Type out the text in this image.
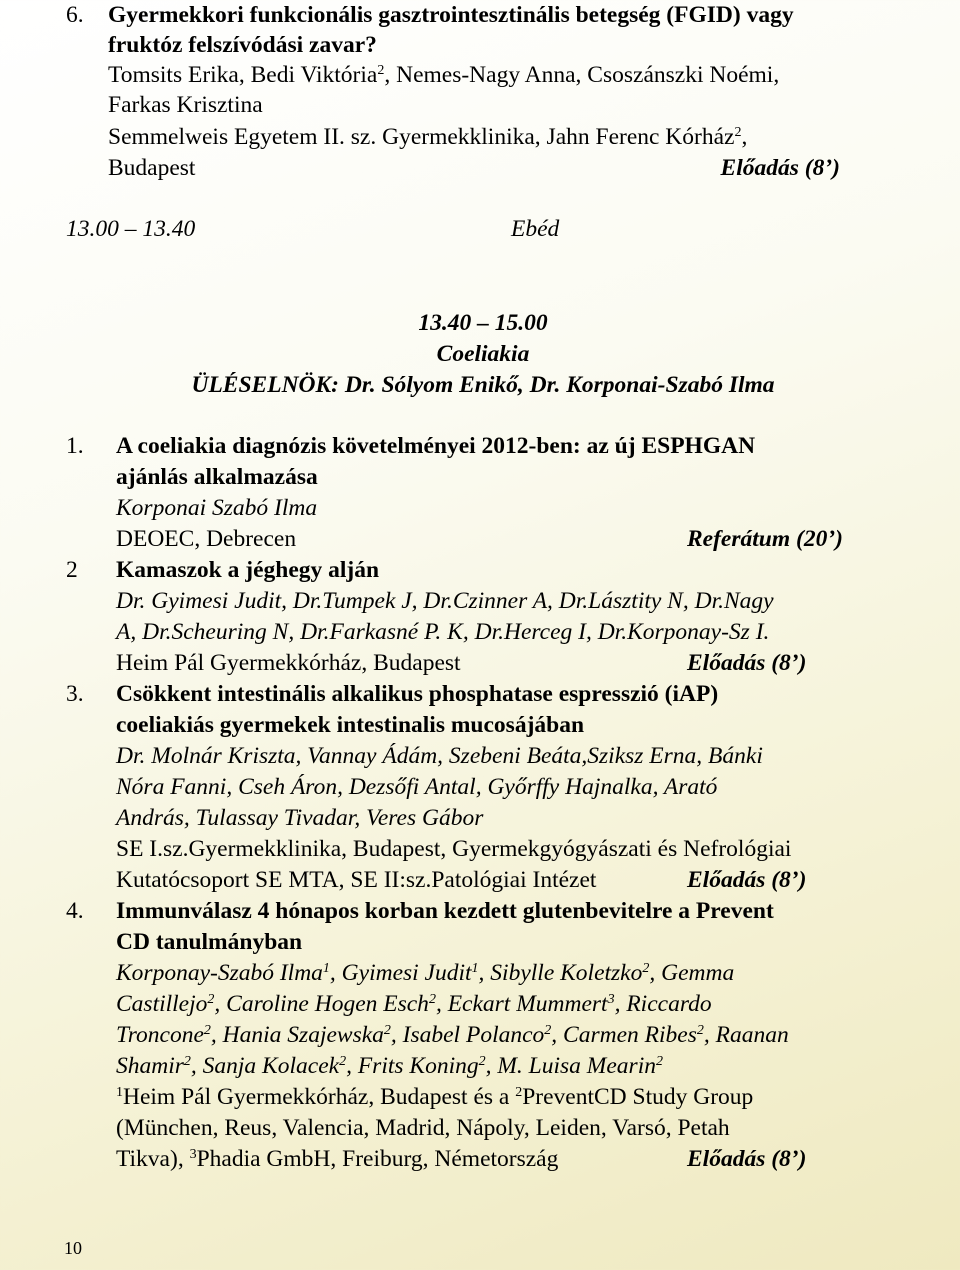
6. Gyermekkori funkcionális gasztrointesztinális betegség (FGID) vagy
fruktóz felszívódási zavar?
Tomsits Erika, Bedi Viktória$^2$, Nemes-Nagy Anna, Csoszánszki Noémi,
Farkas Krisztina
Semmelweis Egyetem II. sz. Gyermekklinika, Jahn Ferenc Kórház$^2$,
Budapest	Előadás (8’)
13.00 – 13.40	Ebéd
13.40 – 15.00
Coeliakia
ÜLÉSELNÖK: Dr. Sólyom Enikő, Dr. Korponai-Szabó Ilma
1. A coeliakia diagnózis követelményei 2012-ben: az új ESPHGAN
ajánlás alkalmazása
Korponai Szabó Ilma
DEOEC, Debrecen	Referátum (20’)
2 Kamaszok a jéghegy alján
Dr. Gyimesi Judit, Dr.Tumpek J, Dr.Czinner A, Dr.Lásztity N, Dr.Nagy
A, Dr.Scheuring N, Dr.Farkasné P. K, Dr.Herceg I, Dr.Korponay-Sz I.
Heim Pál Gyermekkórház, Budapest	Előadás (8’)
3. Csökkent intestinális alkalikus phosphatase espresszió (iAP)
coeliakiás gyermekek intestinalis mucosájában
Dr. Molnár Kriszta, Vannay Ádám, Szebeni Beáta,Sziksz Erna, Bánki
Nóra Fanni, Cseh Áron, Dezsőfi Antal, Győrffy Hajnalka, Arató
András, Tulassay Tivadar, Veres Gábor
SE I.sz.Gyermekklinika, Budapest, Gyermekgyógyászati és Nefrológiai
Kutatócsoport SE MTA, SE II:sz.Patológiai Intézet	Előadás (8’)
4. Immunválasz 4 hónapos korban kezdett glutenbevitelre a Prevent
CD tanulmányban
Korponay-Szabó Ilma$^1$, Gyimesi Judit$^1$, Sibylle Koletzko$^2$, Gemma
Castillejo$^2$, Caroline Hogen Esch$^2$, Eckart Mummert$^3$, Riccardo
Troncone$^2$, Hania Szajewska$^2$, Isabel Polanco$^2$, Carmen Ribes$^2$, Raanan
Shamir$^2$, Sanja Kolacek$^2$, Frits Koning$^2$, M. Luisa Mearin$^2$
$^1$Heim Pál Gyermekkórház, Budapest és a $^2$PreventCD Study Group
(München, Reus, Valencia, Madrid, Nápoly, Leiden, Varsó, Petah
Tikva), $^3$Phadia GmbH, Freiburg, Németország	Előadás (8’)
10
